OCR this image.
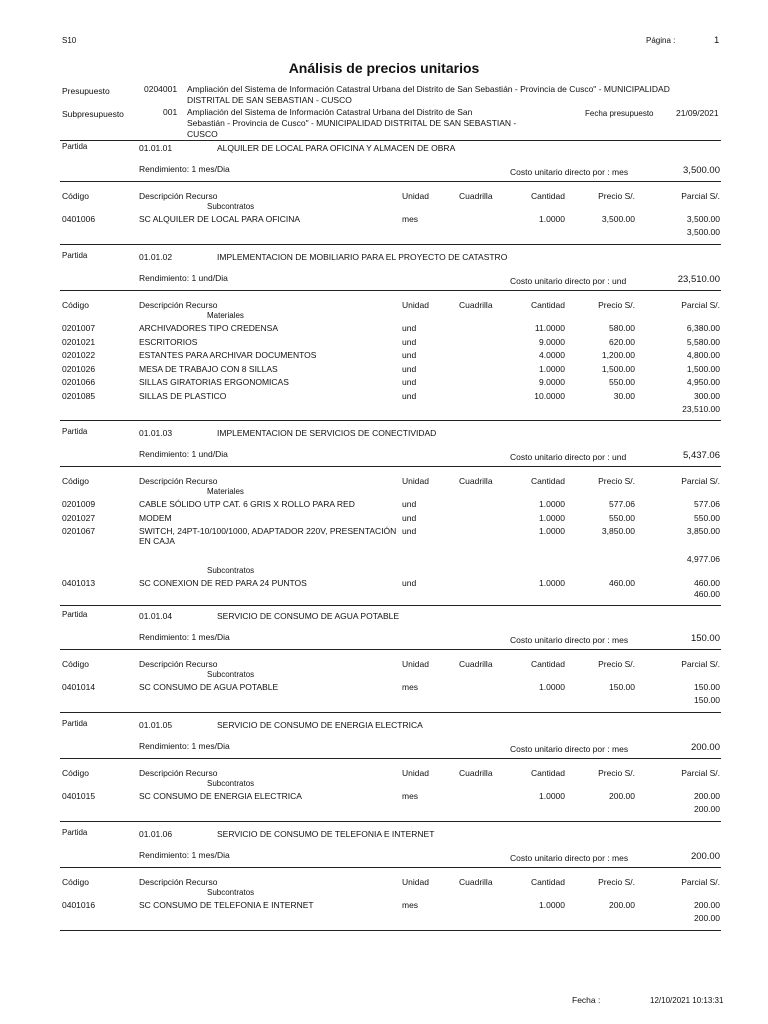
S10	Página :	1
Análisis de precios unitarios
Presupuesto	0204001 Ampliación del Sistema de Información Catastral Urbana del Distrito de San Sebastián - Provincia de Cusco" - MUNICIPALIDAD
DISTRITAL DE SAN SEBASTIAN - CUSCO
Subpresupuesto	001 Ampliación del Sistema de Información Catastral Urbana del Distrito de San
Sebastián - Provincia de Cusco" - MUNICIPALIDAD DISTRITAL DE SAN SEBASTIAN -
CUSCO
Fecha presupuesto	21/09/2021
Partida	01.01.01	ALQUILER DE LOCAL PARA OFICINA Y ALMACEN DE OBRA
Rendimiento: 1 mes/Dia	Costo unitario directo por : mes	3,500.00
Código	Descripción Recurso	Unidad	Cuadrilla	Cantidad	Precio S/.	Parcial S/.
Subcontratos
0401006	SC ALQUILER DE LOCAL PARA OFICINA	mes	1.0000	3,500.00	3,500.00
3,500.00
Partida	01.01.02	IMPLEMENTACION DE MOBILIARIO PARA EL PROYECTO DE CATASTRO
Rendimiento: 1 und/Dia	Costo unitario directo por : und	23,510.00
Código	Descripción Recurso	Unidad	Cuadrilla	Cantidad	Precio S/.	Parcial S/.
Materiales
0201007	ARCHIVADORES TIPO CREDENSA	und	11.0000	580.00	6,380.00
0201021	ESCRITORIOS	und	9.0000	620.00	5,580.00
0201022	ESTANTES PARA ARCHIVAR DOCUMENTOS	und	4.0000	1,200.00	4,800.00
0201026	MESA DE TRABAJO CON 8 SILLAS	und	1.0000	1,500.00	1,500.00
0201066	SILLAS GIRATORIAS ERGONOMICAS	und	9.0000	550.00	4,950.00
0201085	SILLAS DE PLASTICO	und	10.0000	30.00	300.00
23,510.00
Partida	01.01.03	IMPLEMENTACION DE SERVICIOS DE CONECTIVIDAD
Rendimiento: 1 und/Dia	Costo unitario directo por : und	5,437.06
Código	Descripción Recurso	Unidad	Cuadrilla	Cantidad	Precio S/.	Parcial S/.
Materiales
0201009	CABLE SÓLIDO UTP CAT. 6 GRIS X ROLLO PARA RED	und	1.0000	577.06	577.06
0201027	MODEM	und	1.0000	550.00	550.00
0201067	SWITCH, 24PT-10/100/1000, ADAPTADOR 220V, PRESENTACIÓN und	1.0000	3,850.00	3,850.00
EN CAJA
4,977.06
Subcontratos
0401013	SC CONEXION DE RED PARA 24 PUNTOS	und	1.0000	460.00	460.00
460.00
Partida	01.01.04	SERVICIO DE CONSUMO DE AGUA POTABLE
Rendimiento: 1 mes/Dia	Costo unitario directo por : mes	150.00
Código	Descripción Recurso	Unidad	Cuadrilla	Cantidad	Precio S/.	Parcial S/.
Subcontratos
0401014	SC CONSUMO DE AGUA POTABLE	mes	1.0000	150.00	150.00
150.00
Partida	01.01.05	SERVICIO DE CONSUMO DE ENERGIA ELECTRICA
Rendimiento: 1 mes/Dia	Costo unitario directo por : mes	200.00
Código	Descripción Recurso	Unidad	Cuadrilla	Cantidad	Precio S/.	Parcial S/.
Subcontratos
0401015	SC CONSUMO DE ENERGIA ELECTRICA	mes	1.0000	200.00	200.00
200.00
Partida	01.01.06	SERVICIO DE CONSUMO DE TELEFONIA E INTERNET
Rendimiento: 1 mes/Dia	Costo unitario directo por : mes	200.00
Código	Descripción Recurso	Unidad	Cuadrilla	Cantidad	Precio S/.	Parcial S/.
Subcontratos
0401016	SC CONSUMO DE TELEFONIA E INTERNET	mes	1.0000	200.00	200.00
200.00
Fecha :	12/10/2021 10:13:31
